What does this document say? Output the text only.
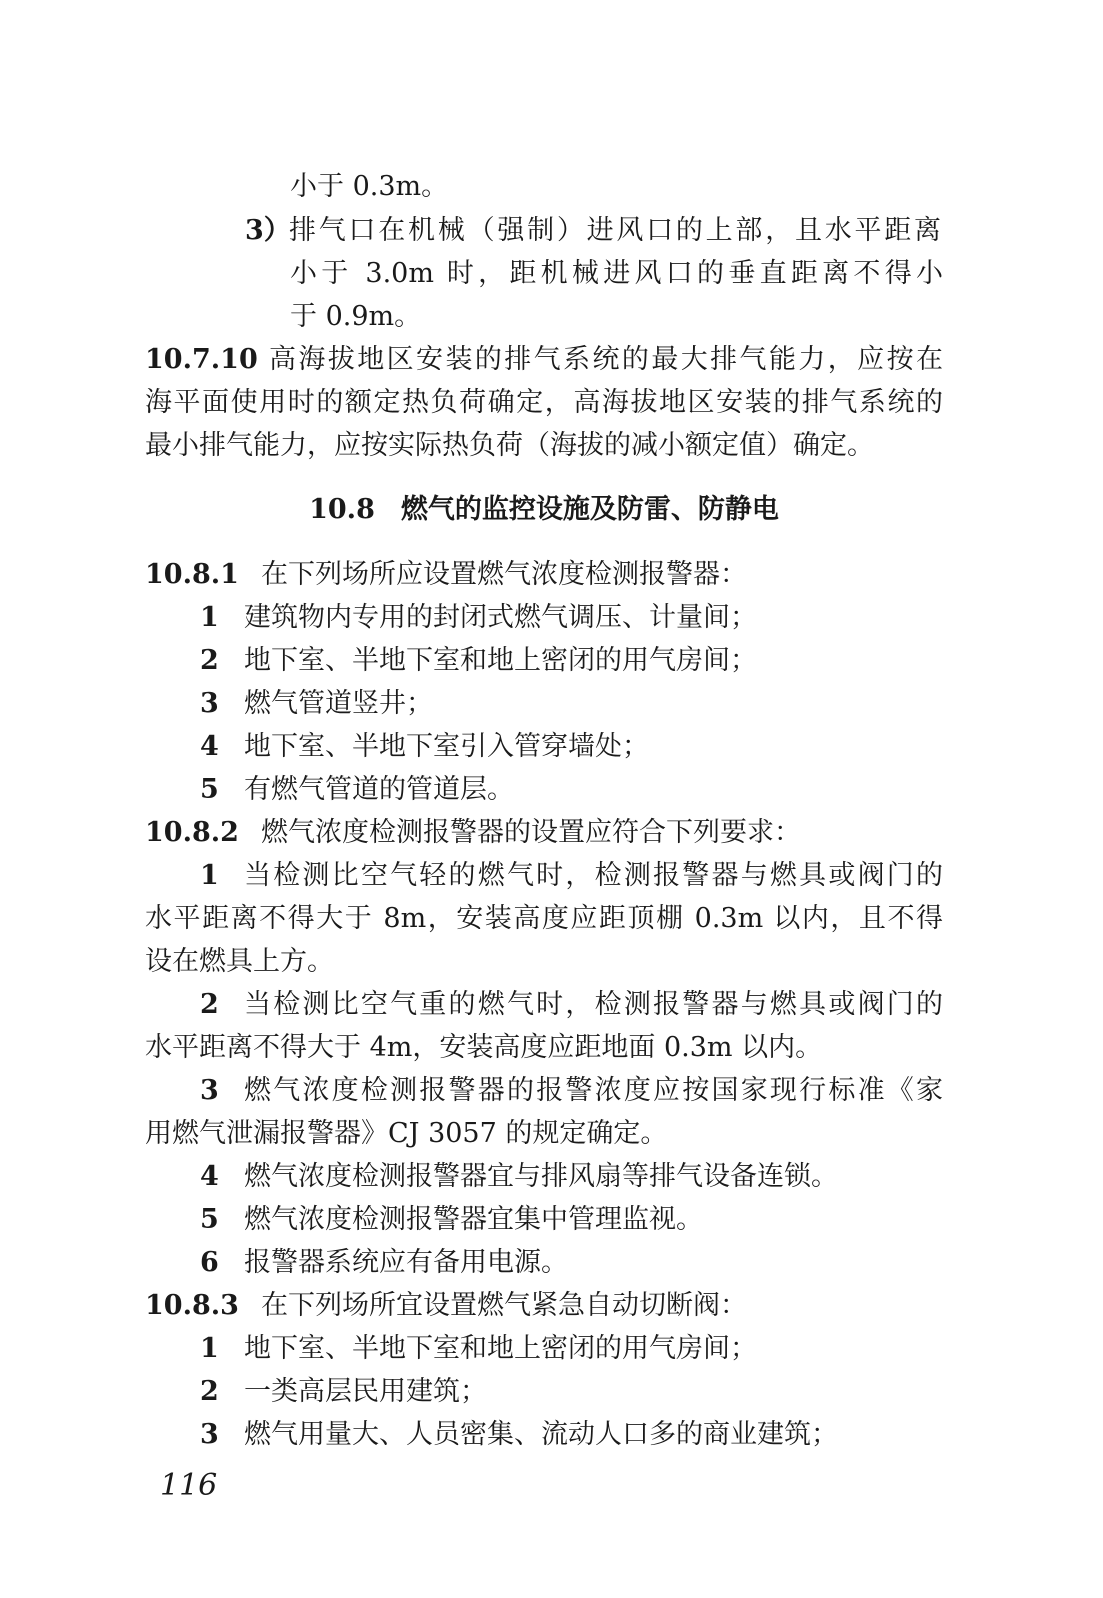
小于 0.3m。

3）排气口在机械（强制）进风口的上部，且水平距离

小于 3.0m 时，距机械进风口的垂直距离不得小

于 0.9m。

10.7.10 高海拔地区安装的排气系统的最大排气能力，应按在

海平面使用时的额定热负荷确定，高海拔地区安装的排气系统的

最小排气能力，应按实际热负荷（海拔的减小额定值）确定。

10.8 燃气的监控设施及防雷、防静电

10.8.1 在下列场所应设置燃气浓度检测报警器：

1 建筑物内专用的封闭式燃气调压、计量间；

2 地下室、半地下室和地上密闭的用气房间；

3 燃气管道竖井；

4 地下室、半地下室引入管穿墙处；

5 有燃气管道的管道层。

10.8.2 燃气浓度检测报警器的设置应符合下列要求：

1 当检测比空气轻的燃气时，检测报警器与燃具或阀门的

水平距离不得大于 8m，安装高度应距顶棚 0.3m 以内，且不得

设在燃具上方。

2 当检测比空气重的燃气时，检测报警器与燃具或阀门的

水平距离不得大于 4m，安装高度应距地面 0.3m 以内。

3 燃气浓度检测报警器的报警浓度应按国家现行标准《家

用燃气泄漏报警器》CJ 3057 的规定确定。

4 燃气浓度检测报警器宜与排风扇等排气设备连锁。

5 燃气浓度检测报警器宜集中管理监视。

6 报警器系统应有备用电源。

10.8.3 在下列场所宜设置燃气紧急自动切断阀：

1 地下室、半地下室和地上密闭的用气房间；

2 一类高层民用建筑；

3 燃气用量大、人员密集、流动人口多的商业建筑；

116
